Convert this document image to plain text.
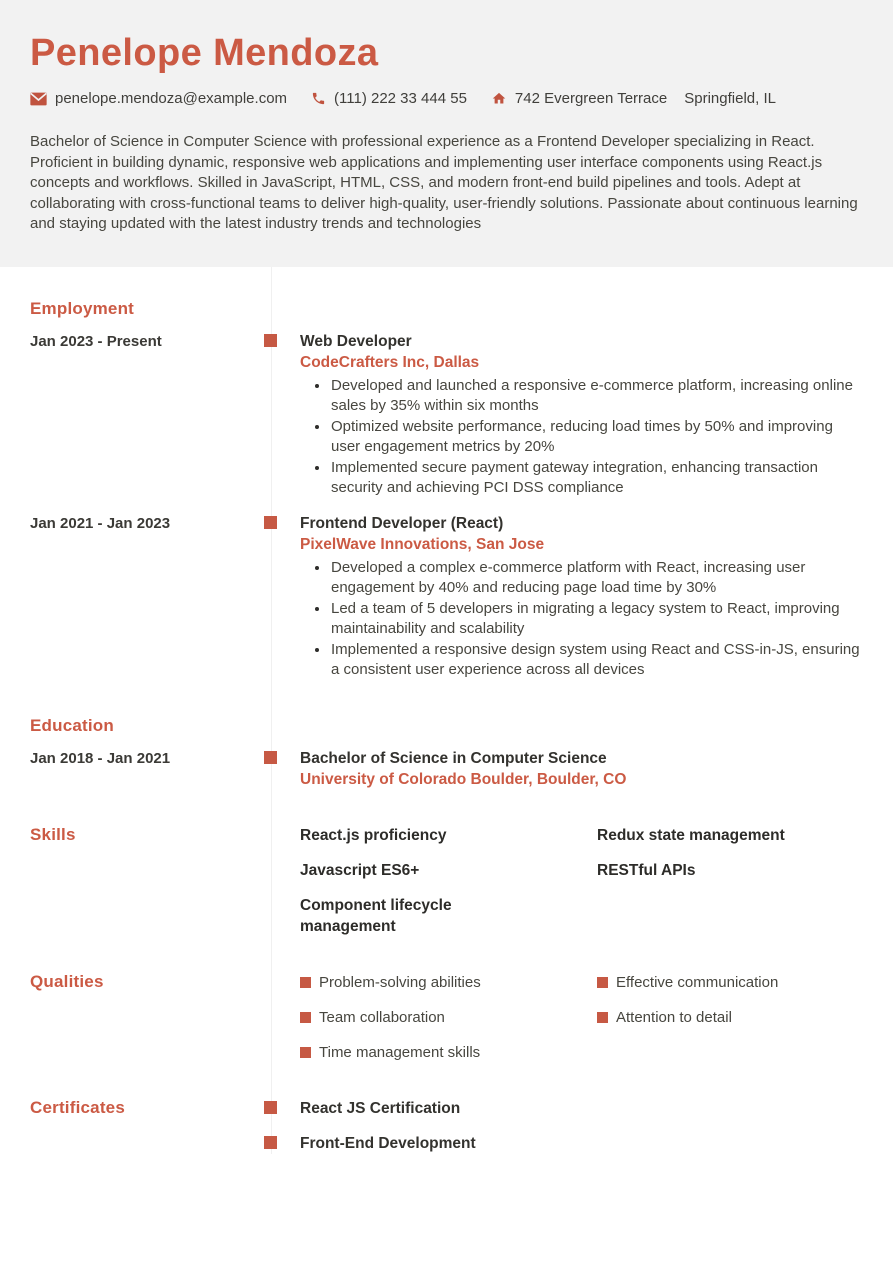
Penelope Mendoza
penelope.mendoza@example.com	(111) 222 33 444 55	742 Evergreen Terrace Springfield, IL

Bachelor of Science in Computer Science with professional experience as a Frontend Developer specializing in React. Proficient in building dynamic, responsive web applications and implementing user interface components using React.js concepts and workflows. Skilled in JavaScript, HTML, CSS, and modern front-end build pipelines and tools. Adept at collaborating with cross-functional teams to deliver high-quality, user-friendly solutions. Passionate about continuous learning and staying updated with the latest industry trends and technologies

Employment
Jan 2023 - Present	Web Developer
CodeCrafters Inc, Dallas
• Developed and launched a responsive e-commerce platform, increasing online sales by 35% within six months
• Optimized website performance, reducing load times by 50% and improving user engagement metrics by 20%
• Implemented secure payment gateway integration, enhancing transaction security and achieving PCI DSS compliance
Jan 2021 - Jan 2023	Frontend Developer (React)
PixelWave Innovations, San Jose
• Developed a complex e-commerce platform with React, increasing user engagement by 40% and reducing page load time by 30%
• Led a team of 5 developers in migrating a legacy system to React, improving maintainability and scalability
• Implemented a responsive design system using React and CSS-in-JS, ensuring a consistent user experience across all devices
Education
Jan 2018 - Jan 2021	Bachelor of Science in Computer Science
University of Colorado Boulder, Boulder, CO
Skills	React.js proficiency	Redux state management
Javascript ES6+	RESTful APIs
Component lifecycle management
Qualities	Problem-solving abilities	Effective communication
Team collaboration	Attention to detail
Time management skills
Certificates	React JS Certification
Front-End Development
